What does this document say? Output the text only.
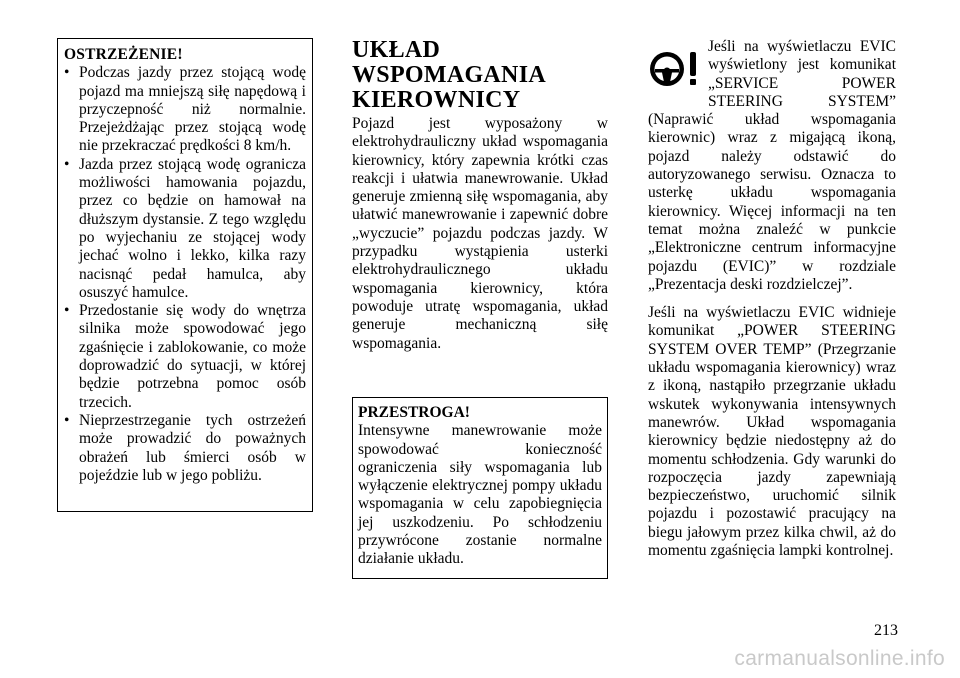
OSTRZEŻENIE!
• Podczas jazdy przez stojącą wodę pojazd ma mniejszą siłę napędową i przyczepność niż normalnie. Przejeżdżając przez stojącą wodę nie przekraczać prędkości 8 km/h.
• Jazda przez stojącą wodę ogranicza możliwości hamowania pojazdu, przez co będzie on hamował na dłuższym dystansie. Z tego względu po wyjechaniu ze stojącej wody jechać wolno i lekko, kilka razy nacisnąć pedał hamulca, aby osuszyć hamulce.
• Przedostanie się wody do wnętrza silnika może spowodować jego zgaśnięcie i zablokowanie, co może doprowadzić do sytuacji, w której będzie potrzebna pomoc osób trzecich.
• Nieprzestrzeganie tych ostrzeżeń może prowadzić do poważnych obrażeń lub śmierci osób w pojeździe lub w jego pobliżu.
UKŁAD WSPOMAGANIA KIEROWNICY

Pojazd jest wyposażony w elektrohydrauliczny układ wspomagania kierownicy, który zapewnia krótki czas reakcji i ułatwia manewrowanie. Układ generuje zmienną siłę wspomagania, aby ułatwić manewrowanie i zapewnić dobre „wyczucie” pojazdu podczas jazdy. W przypadku wystąpienia usterki elektrohydraulicznego układu wspomagania kierownicy, która powoduje utratę wspomagania, układ generuje mechaniczną siłę wspomagania.

PRZESTROGA!
Intensywne manewrowanie może spowodować konieczność ograniczenia siły wspomagania lub wyłączenie elektrycznej pompy układu wspomagania w celu zapobiegnięcia jej uszkodzeniu. Po schłodzeniu przywrócone zostanie normalne działanie układu.
Jeśli na wyświetlaczu EVIC
wyświetlony jest komunikat
„SERVICE POWER
STEERING SYSTEM”

(Naprawić układ wspomagania kierownic) wraz z migającą ikoną, pojazd należy odstawić do autoryzowanego serwisu. Oznacza to usterkę układu wspomagania kierownicy. Więcej informacji na ten temat można znaleźć w punkcie „Elektroniczne centrum informacyjne pojazdu (EVIC)” w rozdziale „Prezentacja deski rozdzielczej”.

Jeśli na wyświetlaczu EVIC widnieje komunikat „POWER STEERING SYSTEM OVER TEMP” (Przegrzanie układu wspomagania kierownicy) wraz z ikoną, nastąpiło przegrzanie układu wskutek wykonywania intensywnych manewrów. Układ wspomagania kierownicy będzie niedostępny aż do momentu schłodzenia. Gdy warunki do rozpoczęcia jazdy zapewniają bezpieczeństwo, uruchomić silnik pojazdu i pozostawić pracujący na biegu jałowym przez kilka chwil, aż do momentu zgaśnięcia lampki kontrolnej.

213
carmanualsonline.info
